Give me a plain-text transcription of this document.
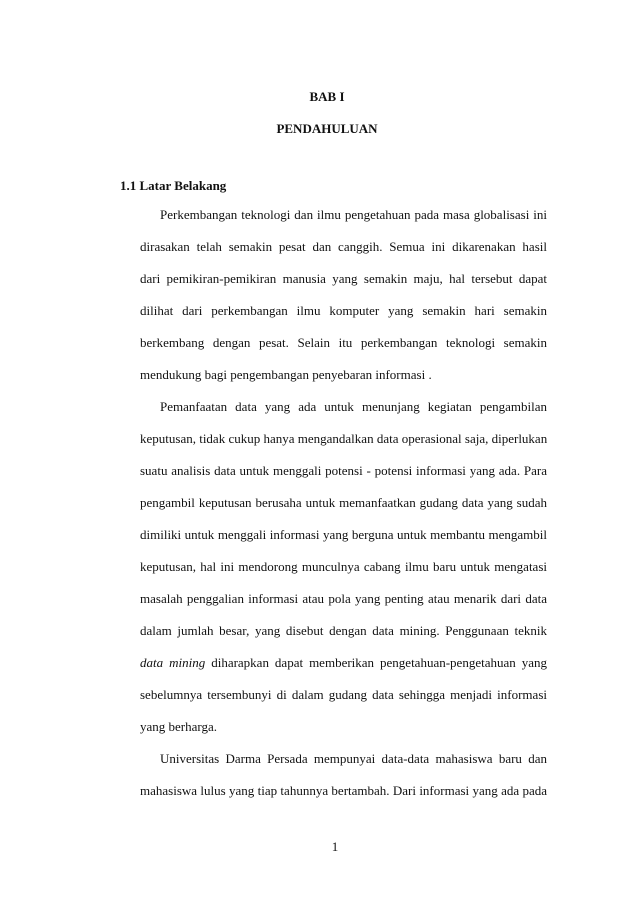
BAB I
PENDAHULUAN
1.1 Latar Belakang
Perkembangan teknologi dan ilmu pengetahuan pada masa globalisasi ini
dirasakan telah semakin pesat dan canggih. Semua ini dikarenakan hasil
dari pemikiran-pemikiran manusia yang semakin maju, hal tersebut dapat
dilihat dari perkembangan ilmu komputer yang semakin hari semakin
berkembang dengan pesat. Selain itu perkembangan teknologi semakin
mendukung bagi pengembangan penyebaran informasi .
Pemanfaatan data yang ada untuk menunjang kegiatan pengambilan
keputusan, tidak cukup hanya mengandalkan data operasional saja, diperlukan
suatu analisis data untuk menggali potensi - potensi informasi yang ada. Para
pengambil keputusan berusaha untuk memanfaatkan gudang data yang sudah
dimiliki untuk menggali informasi yang berguna untuk membantu mengambil
keputusan, hal ini mendorong munculnya cabang ilmu baru untuk mengatasi
masalah penggalian informasi atau pola yang penting atau menarik dari data
dalam jumlah besar, yang disebut dengan data mining. Penggunaan teknik
data mining diharapkan dapat memberikan pengetahuan-pengetahuan yang
sebelumnya tersembunyi di dalam gudang data sehingga menjadi informasi
yang berharga.
Universitas Darma Persada mempunyai data-data mahasiswa baru dan
mahasiswa lulus yang tiap tahunnya bertambah. Dari informasi yang ada pada
1
